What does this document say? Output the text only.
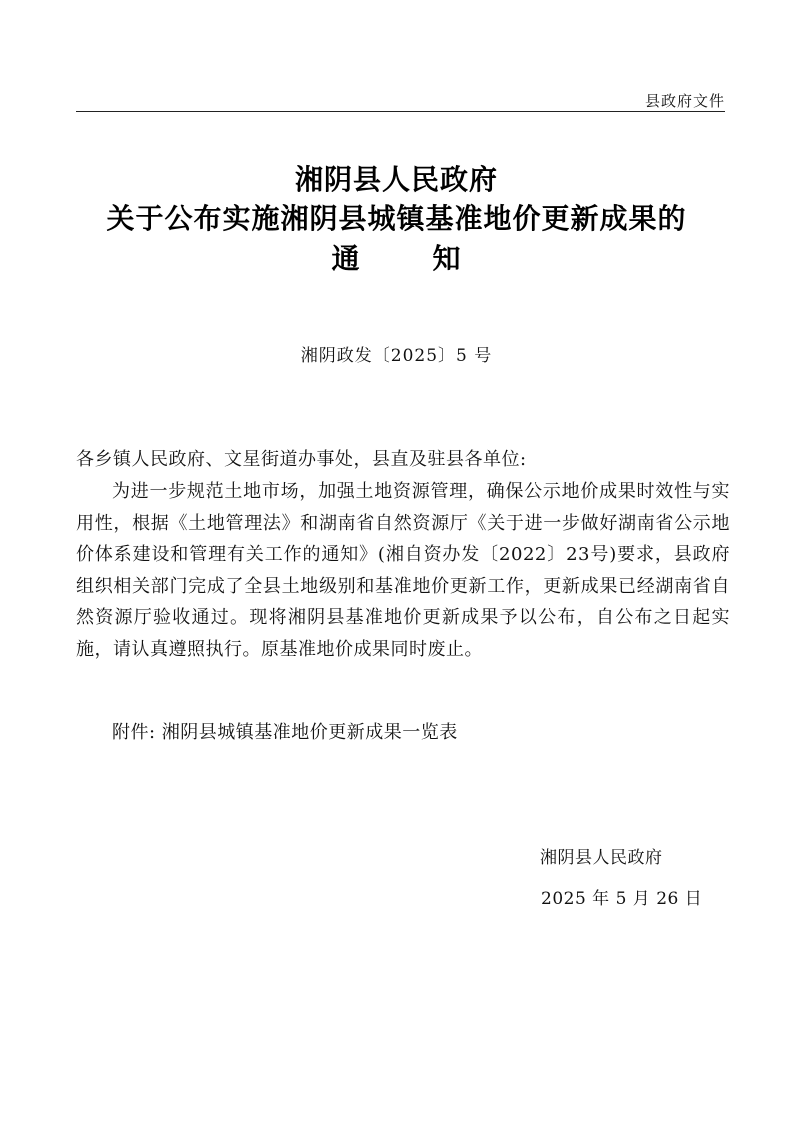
县政府文件
湘阴县人民政府
关于公布实施湘阴县城镇基准地价更新成果的
通	知
湘阴政发〔2025〕5 号
各乡镇人民政府、文星街道办事处，县直及驻县各单位:
为进一步规范土地市场，加强土地资源管理，确保公示地价成果时效性与实用性，根据《土地管理法》和湖南省自然资源厅《关于进一步做好湖南省公示地价体系建设和管理有关工作的通知》(湘自资办发〔2022〕23号)要求，县政府组织相关部门完成了全县土地级别和基准地价更新工作，更新成果已经湖南省自然资源厅验收通过。现将湘阴县基准地价更新成果予以公布，自公布之日起实施，请认真遵照执行。原基准地价成果同时废止。
附件: 湘阴县城镇基准地价更新成果一览表
湘阴县人民政府
2025 年 5 月 26 日
